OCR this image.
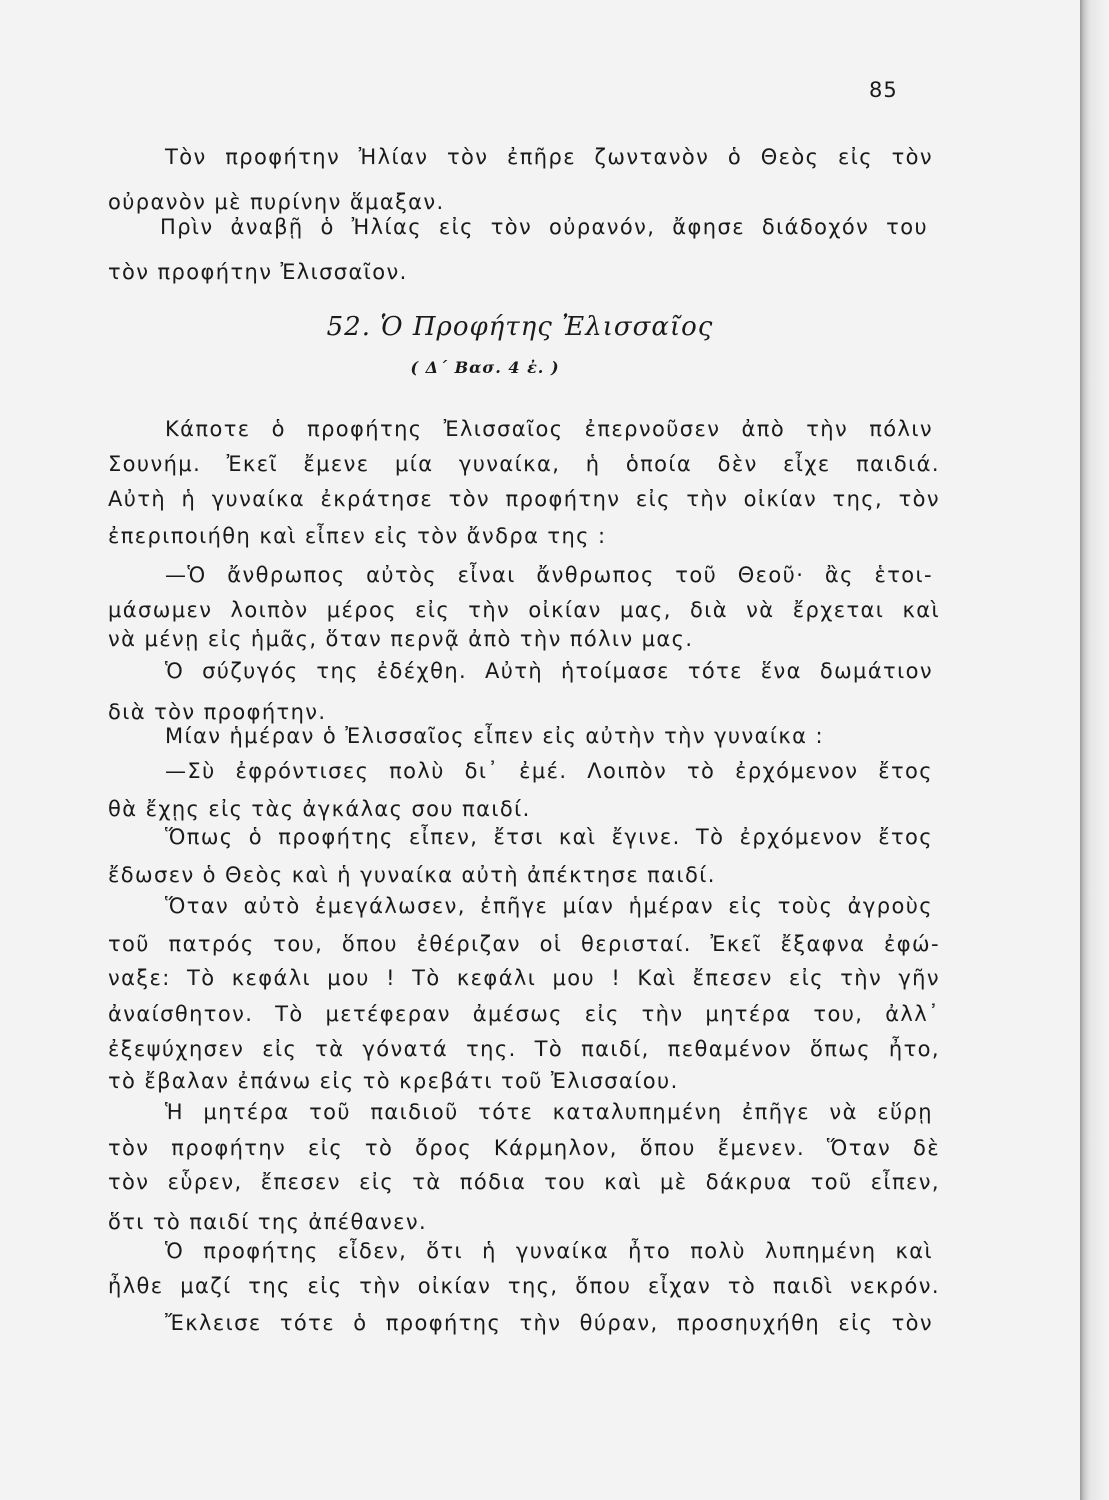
85
Τὸν προφήτην Ἠλίαν τὸν ἐπῆρε ζωντανὸν ὁ Θεὸς εἰς τὸν
οὐρανὸν μὲ πυρίνην ἅμαξαν.
Πρὶν ἀναβῇ ὁ Ἠλίας εἰς τὸν οὐρανόν, ἄφησε διάδοχόν του
τὸν προφήτην Ἐλισσαῖον.
52. Ὁ Προφήτης Ἐλισσαῖος
( Δ΄ Βασ. 4 ἐ. )
Κάποτε ὁ προφήτης Ἐλισσαῖος ἐπερνοῦσεν ἀπὸ τὴν πόλιν
Σουνήμ. Ἐκεῖ ἔμενε μία γυναίκα, ἡ ὁποία δὲν εἶχε παιδιά.
Αὐτὴ ἡ γυναίκα ἐκράτησε τὸν προφήτην εἰς τὴν οἰκίαν της, τὸν
ἐπεριποιήθη καὶ εἶπεν εἰς τὸν ἄνδρα της :
—Ὁ ἄνθρωπος αὐτὸς εἶναι ἄνθρωπος τοῦ Θεοῦ· ἂς ἑτοι-
μάσωμεν λοιπὸν μέρος εἰς τὴν οἰκίαν μας, διὰ νὰ ἔρχεται καὶ
νὰ μένῃ εἰς ἡμᾶς, ὅταν περνᾷ ἀπὸ τὴν πόλιν μας.
Ὁ σύζυγός της ἐδέχθη. Αὐτὴ ἡτοίμασε τότε ἕνα δωμάτιον
διὰ τὸν προφήτην.
Μίαν ἡμέραν ὁ Ἐλισσαῖος εἶπεν εἰς αὐτὴν τὴν γυναίκα :
—Σὺ ἐφρόντισες πολὺ δι᾿ ἐμέ. Λοιπὸν τὸ ἐρχόμενον ἔτος
θὰ ἔχῃς εἰς τὰς ἀγκάλας σου παιδί.
Ὅπως ὁ προφήτης εἶπεν, ἔτσι καὶ ἔγινε. Τὸ ἐρχόμενον ἔτος
ἔδωσεν ὁ Θεὸς καὶ ἡ γυναίκα αὐτὴ ἀπέκτησε παιδί.
Ὅταν αὐτὸ ἐμεγάλωσεν, ἐπῆγε μίαν ἡμέραν εἰς τοὺς ἀγροὺς
τοῦ πατρός του, ὅπου ἐθέριζαν οἱ θερισταί. Ἐκεῖ ἔξαφνα ἐφώ-
ναξε: Τὸ κεφάλι μου ! Τὸ κεφάλι μου ! Καὶ ἔπεσεν εἰς τὴν γῆν
ἀναίσθητον. Τὸ μετέφεραν ἀμέσως εἰς τὴν μητέρα του, ἀλλ᾿
ἐξεψύχησεν εἰς τὰ γόνατά της. Τὸ παιδί, πεθαμένον ὅπως ἦτο,
τὸ ἔβαλαν ἐπάνω εἰς τὸ κρεβάτι τοῦ Ἐλισσαίου.
Ἡ μητέρα τοῦ παιδιοῦ τότε καταλυπημένη ἐπῆγε νὰ εὕρῃ
τὸν προφήτην εἰς τὸ ὄρος Κάρμηλον, ὅπου ἔμενεν. Ὅταν δὲ
τὸν εὗρεν, ἔπεσεν εἰς τὰ πόδια του καὶ μὲ δάκρυα τοῦ εἶπεν,
ὅτι τὸ παιδί της ἀπέθανεν.
Ὁ προφήτης εἶδεν, ὅτι ἡ γυναίκα ἦτο πολὺ λυπημένη καὶ
ἦλθε μαζί της εἰς τὴν οἰκίαν της, ὅπου εἶχαν τὸ παιδὶ νεκρόν.
Ἔκλεισε τότε ὁ προφήτης τὴν θύραν, προσηυχήθη εἰς τὸν
